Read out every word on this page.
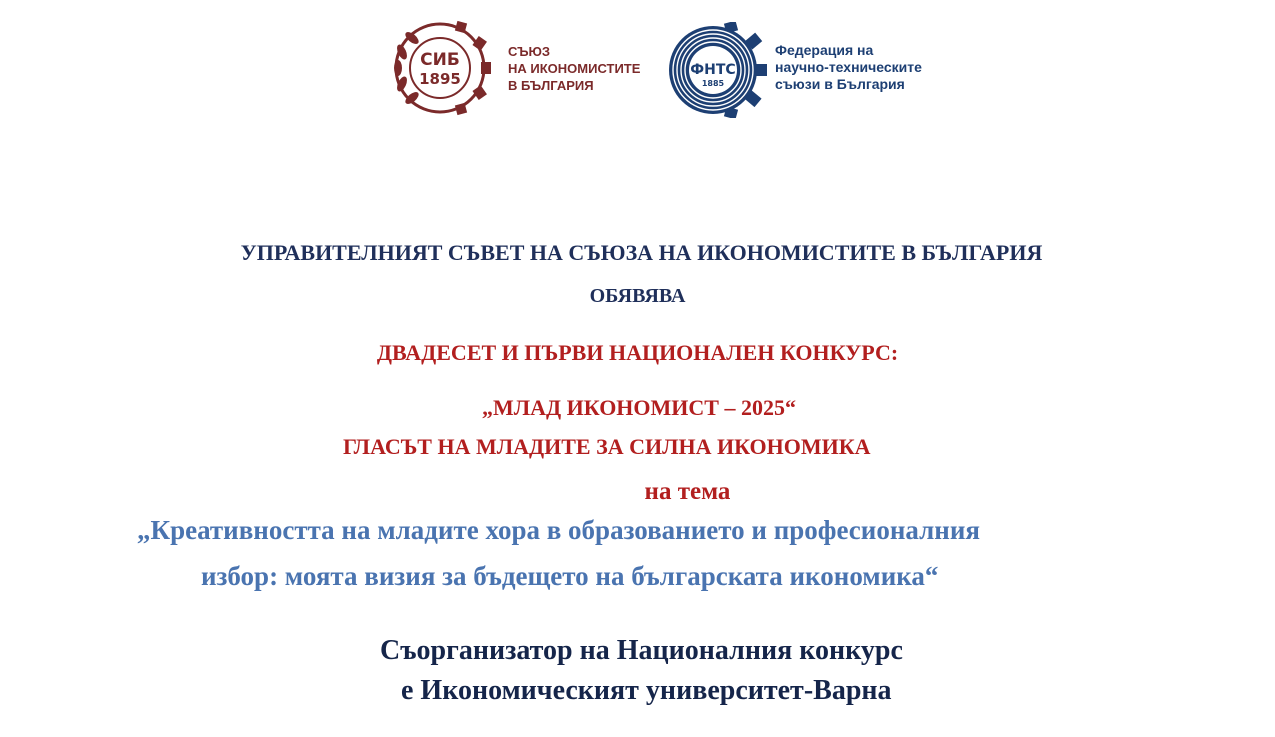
СИБ
1895
СЪЮЗ
НА ИКОНОМИСТИТЕ
В БЪЛГАРИЯ
ФНТС
1885
Федерация на
научно-техническите
съюзи в България
УПРАВИТЕЛНИЯТ СЪВЕТ НА СЪЮЗА НА ИКОНОМИСТИТЕ В БЪЛГАРИЯ
ОБЯВЯВА
ДВАДЕСЕТ И ПЪРВИ НАЦИОНАЛЕН КОНКУРС:
„МЛАД ИКОНОМИСТ – 2025“
ГЛАСЪТ НА МЛАДИТЕ ЗА СИЛНА ИКОНОМИКА
на тема
„Креативността на младите хора в образованието и професионалния
избор: моята визия за бъдещето на българската икономика“
Съорганизатор на Националния конкурс
е Икономическият университет-Варна
